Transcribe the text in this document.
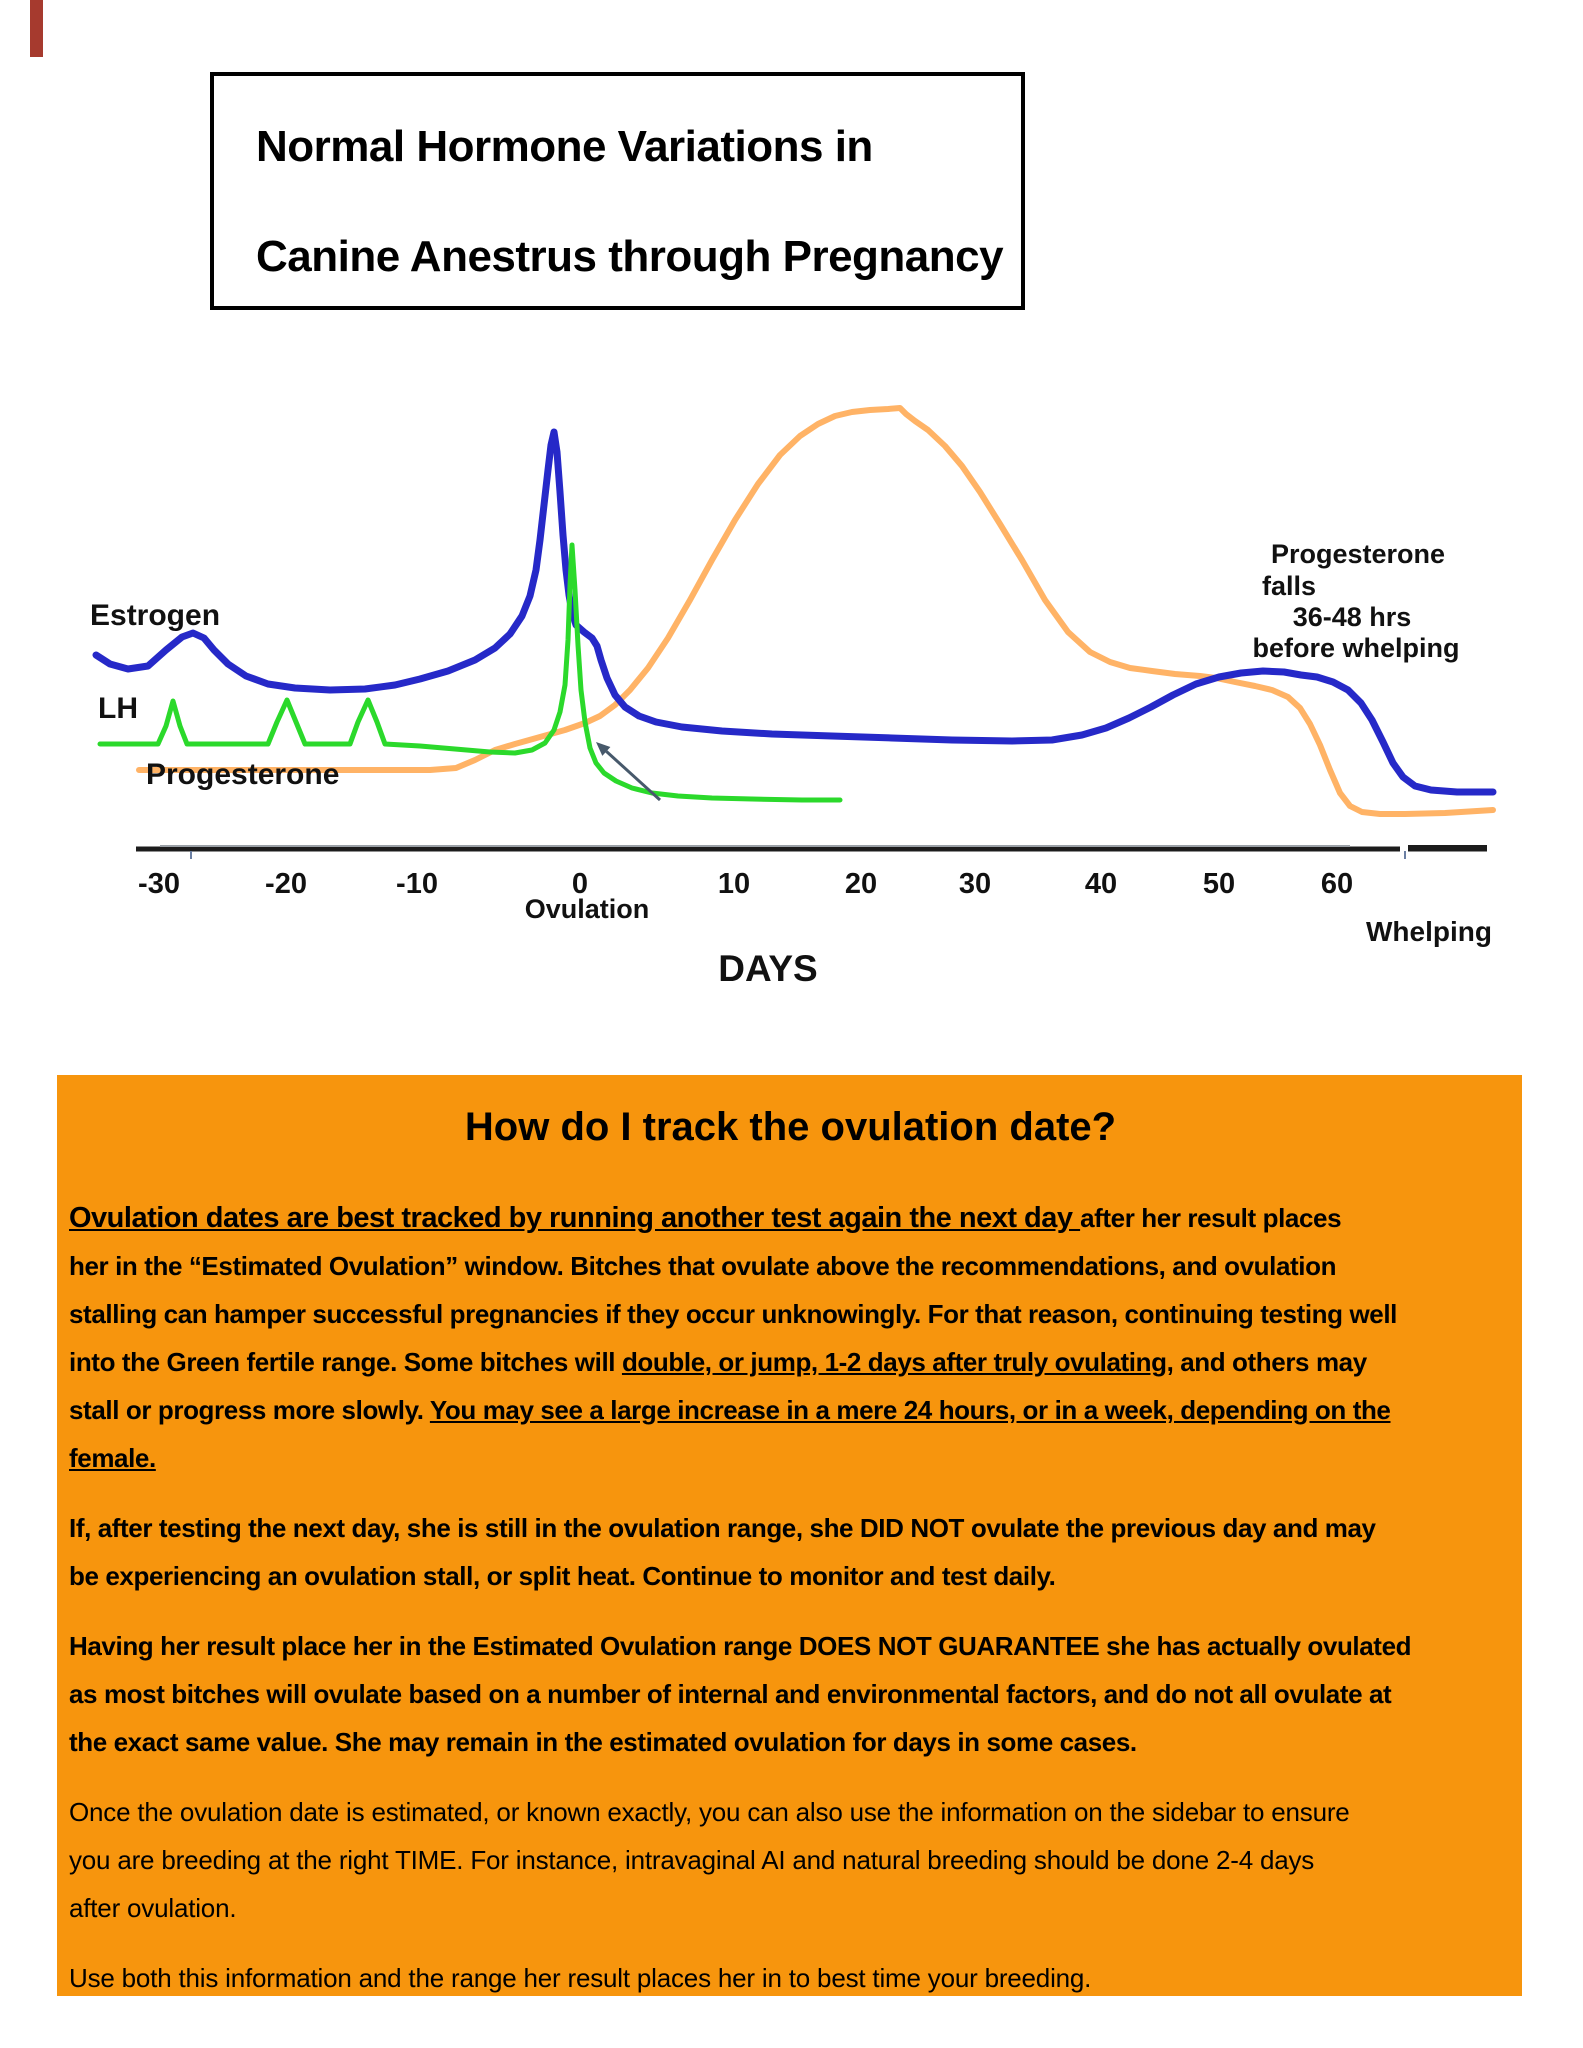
Normal Hormone Variations in
Canine Anestrus through Pregnancy
-30	-20	-10	0	10	20	30	40	50	60
Estrogen
LH
Progesterone
Ovulation
Whelping
DAYS
Progesterone
falls
36-48 hrs
before whelping
How do I track the ovulation date?
Ovulation dates are best tracked by running another test again the next day after her result places
her in the “Estimated Ovulation” window. Bitches that ovulate above the recommendations, and ovulation
stalling can hamper successful pregnancies if they occur unknowingly. For that reason, continuing testing well
into the Green fertile range. Some bitches will double, or jump, 1-2 days after truly ovulating, and others may
stall or progress more slowly. You may see a large increase in a mere 24 hours, or in a week, depending on the
female.
If, after testing the next day, she is still in the ovulation range, she DID NOT ovulate the previous day and may
be experiencing an ovulation stall, or split heat. Continue to monitor and test daily.
Having her result place her in the Estimated Ovulation range DOES NOT GUARANTEE she has actually ovulated
as most bitches will ovulate based on a number of internal and environmental factors, and do not all ovulate at
the exact same value. She may remain in the estimated ovulation for days in some cases.
Once the ovulation date is estimated, or known exactly, you can also use the information on the sidebar to ensure
you are breeding at the right TIME. For instance, intravaginal AI and natural breeding should be done 2-4 days
after ovulation.
Use both this information and the range her result places her in to best time your breeding.
